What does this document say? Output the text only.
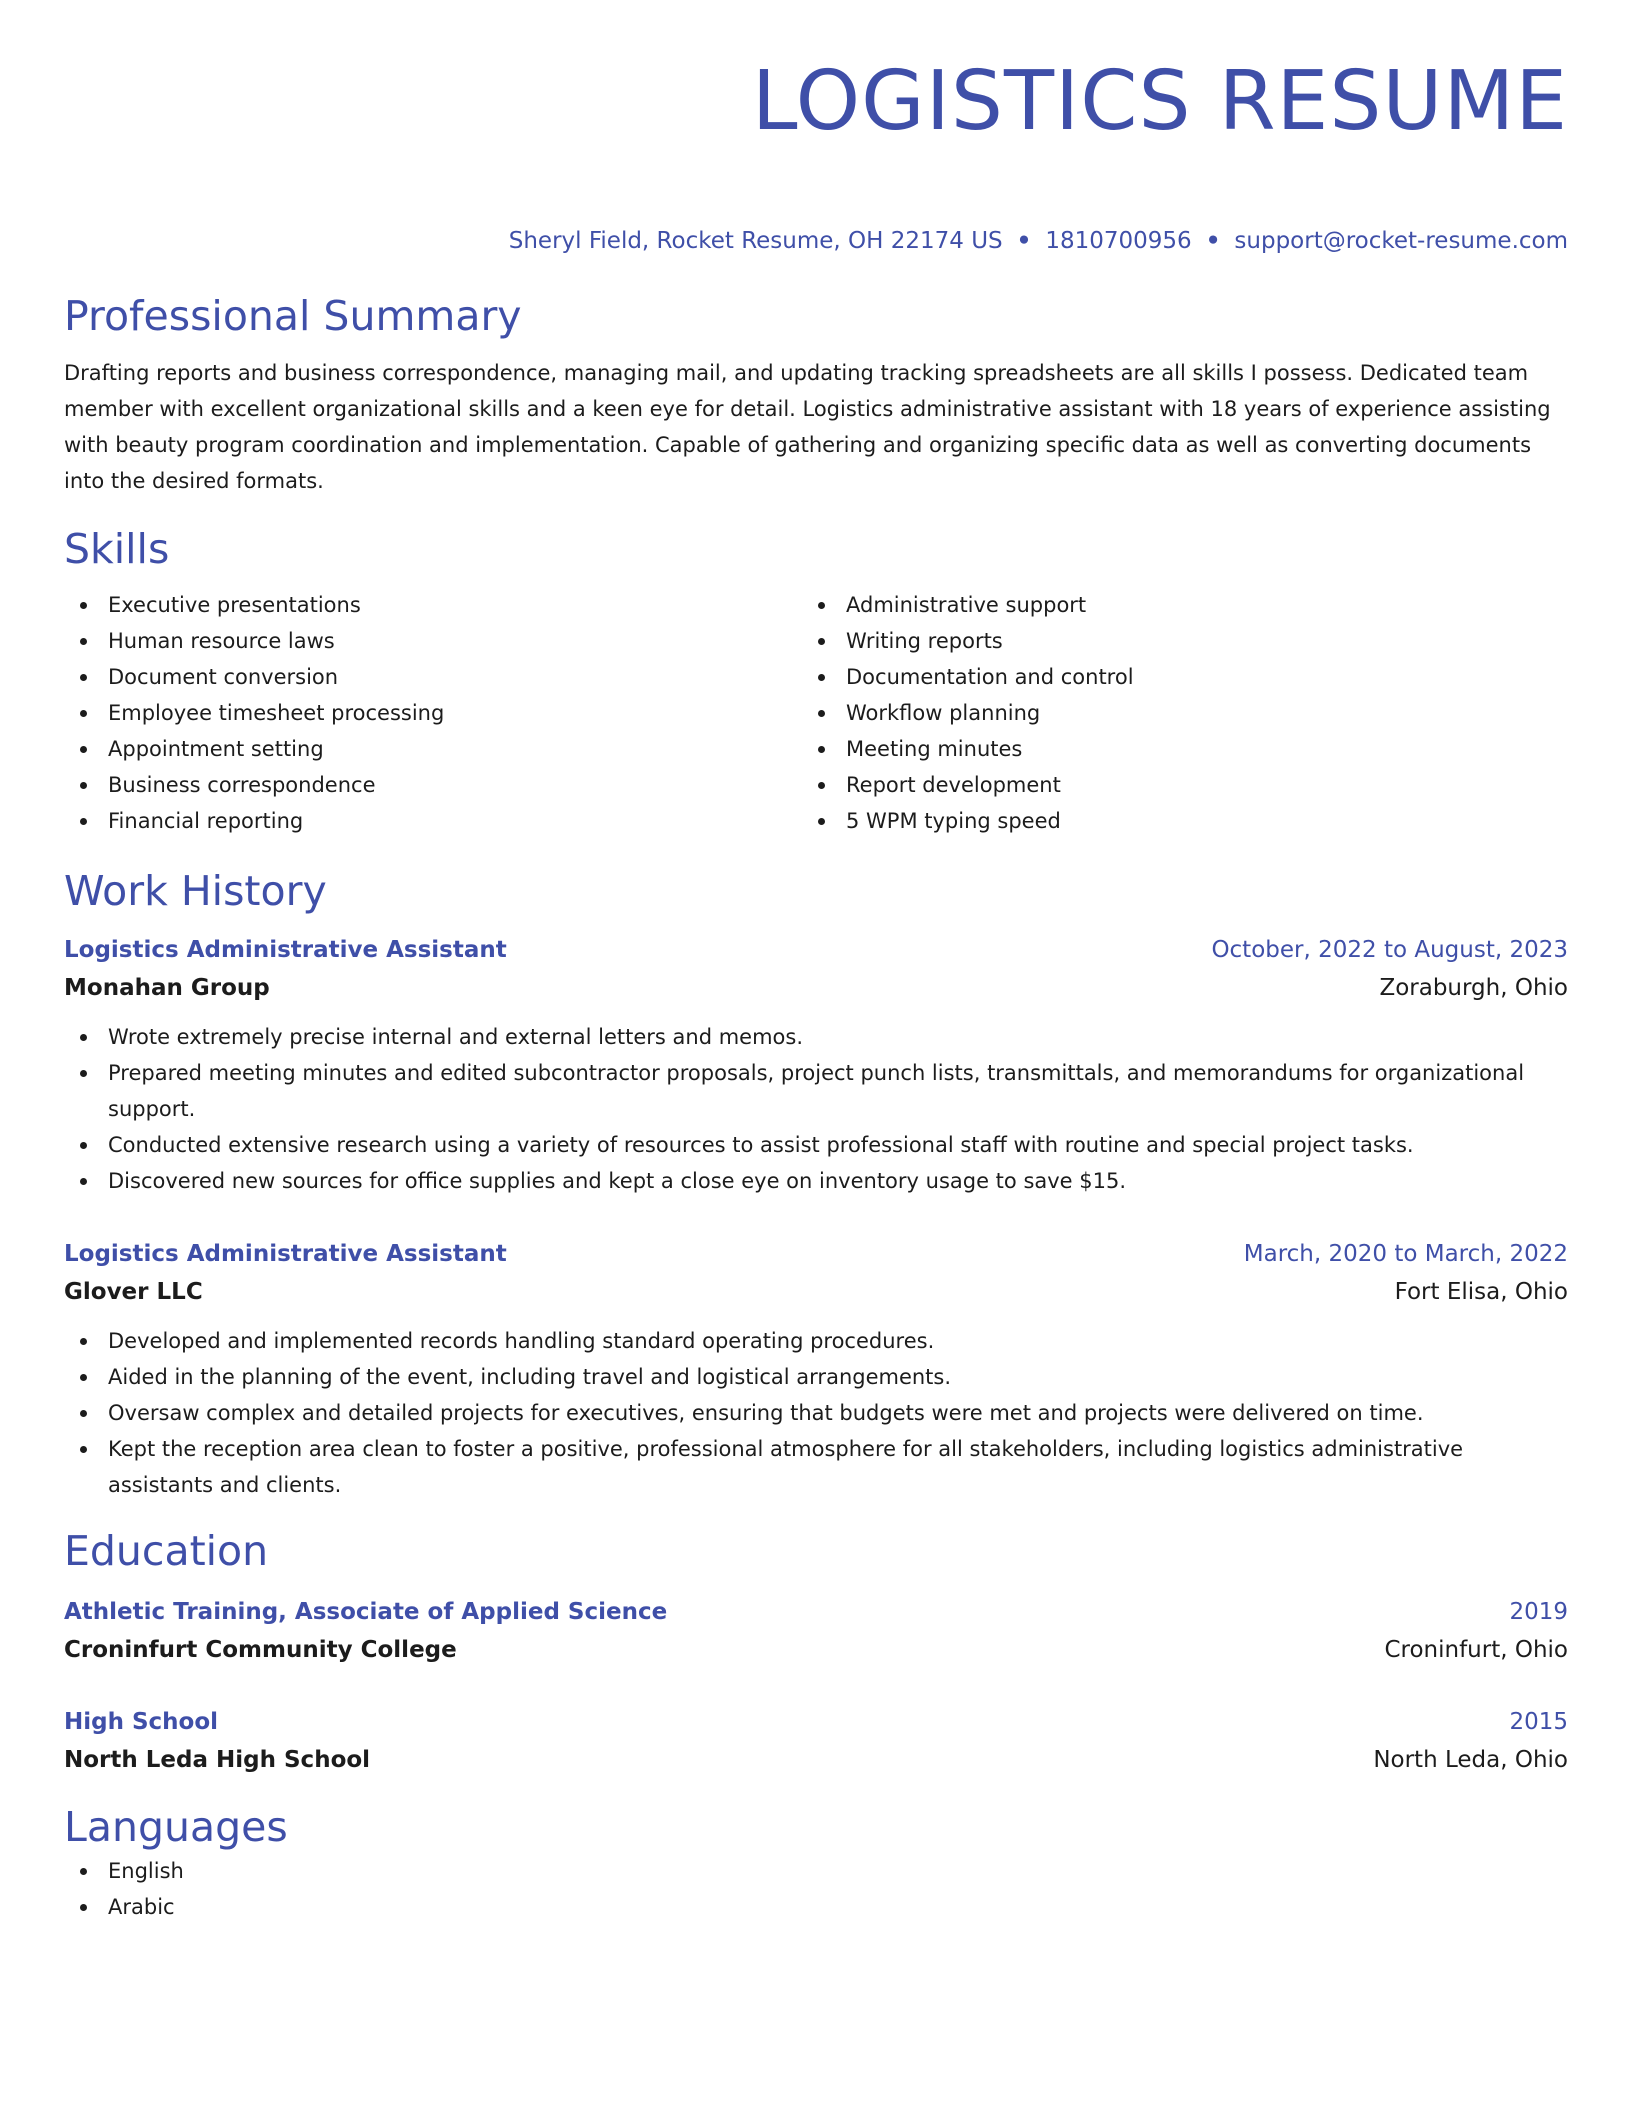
LOGISTICS RESUME
Sheryl Field, Rocket Resume, OH 22174 US • 1810700956 • support@rocket-resume.com
Professional Summary
Drafting reports and business correspondence, managing mail, and updating tracking spreadsheets are all skills I possess. Dedicated team member with excellent organizational skills and a keen eye for detail. Logistics administrative assistant with 18 years of experience assisting with beauty program coordination and implementation. Capable of gathering and organizing specific data as well as converting documents into the desired formats.
Skills
Executive presentations
Human resource laws
Document conversion
Employee timesheet processing
Appointment setting
Business correspondence
Financial reporting
Administrative support
Writing reports
Documentation and control
Workflow planning
Meeting minutes
Report development
5 WPM typing speed
Work History
Logistics Administrative Assistant	October, 2022 to August, 2023
Monahan Group	Zoraburgh, Ohio
Wrote extremely precise internal and external letters and memos.
Prepared meeting minutes and edited subcontractor proposals, project punch lists, transmittals, and memorandums for organizational support.
Conducted extensive research using a variety of resources to assist professional staff with routine and special project tasks.
Discovered new sources for office supplies and kept a close eye on inventory usage to save $15.
Logistics Administrative Assistant	March, 2020 to March, 2022
Glover LLC	Fort Elisa, Ohio
Developed and implemented records handling standard operating procedures.
Aided in the planning of the event, including travel and logistical arrangements.
Oversaw complex and detailed projects for executives, ensuring that budgets were met and projects were delivered on time.
Kept the reception area clean to foster a positive, professional atmosphere for all stakeholders, including logistics administrative assistants and clients.
Education
Athletic Training, Associate of Applied Science	2019
Croninfurt Community College	Croninfurt, Ohio
High School	2015
North Leda High School	North Leda, Ohio
Languages
English
Arabic
